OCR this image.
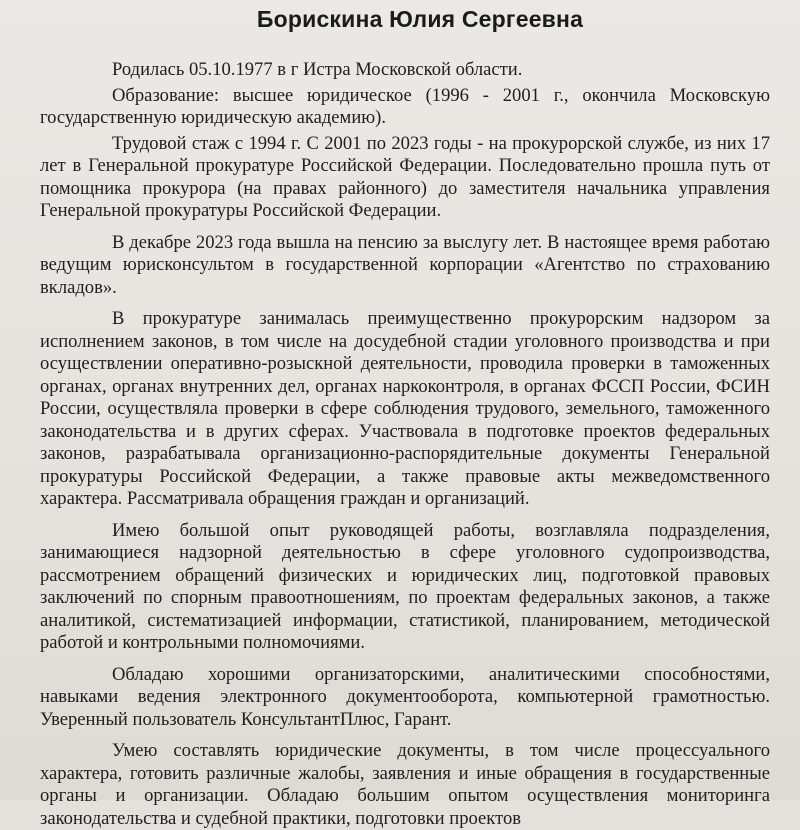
Борискина Юлия Сергеевна

Родилась 05.10.1977 в г Истра Московской области.

Образование: высшее юридическое (1996 - 2001 г., окончила Московскую государственную юридическую академию).

Трудовой стаж с 1994 г. С 2001 по 2023 годы - на прокурорской службе, из них 17 лет в Генеральной прокуратуре Российской Федерации. Последовательно прошла путь от помощника прокурора (на правах районного) до заместителя начальника управления Генеральной прокуратуры Российской Федерации.

В декабре 2023 года вышла на пенсию за выслугу лет. В настоящее время работаю ведущим юрисконсультом в государственной корпорации «Агентство по страхованию вкладов».

В прокуратуре занималась преимущественно прокурорским надзором за исполнением законов, в том числе на досудебной стадии уголовного производства и при осуществлении оперативно-розыскной деятельности, проводила проверки в таможенных органах, органах внутренних дел, органах наркоконтроля, в органах ФССП России, ФСИН России, осуществляла проверки в сфере соблюдения трудового, земельного, таможенного законодательства и в других сферах. Участвовала в подготовке проектов федеральных законов, разрабатывала организационно-распорядительные документы Генеральной прокуратуры Российской Федерации, а также правовые акты межведомственного характера. Рассматривала обращения граждан и организаций.

Имею большой опыт руководящей работы, возглавляла подразделения, занимающиеся надзорной деятельностью в сфере уголовного судопроизводства, рассмотрением обращений физических и юридических лиц, подготовкой правовых заключений по спорным правоотношениям, по проектам федеральных законов, а также аналитикой, систематизацией информации, статистикой, планированием, методической работой и контрольными полномочиями.

Обладаю хорошими организаторскими, аналитическими способностями, навыками ведения электронного документооборота, компьютерной грамотностью. Уверенный пользователь КонсультантПлюс, Гарант.

Умею составлять юридические документы, в том числе процессуального характера, готовить различные жалобы, заявления и иные обращения в государственные органы и организации. Обладаю большим опытом осуществления мониторинга законодательства и судебной практики, подготовки проектов
